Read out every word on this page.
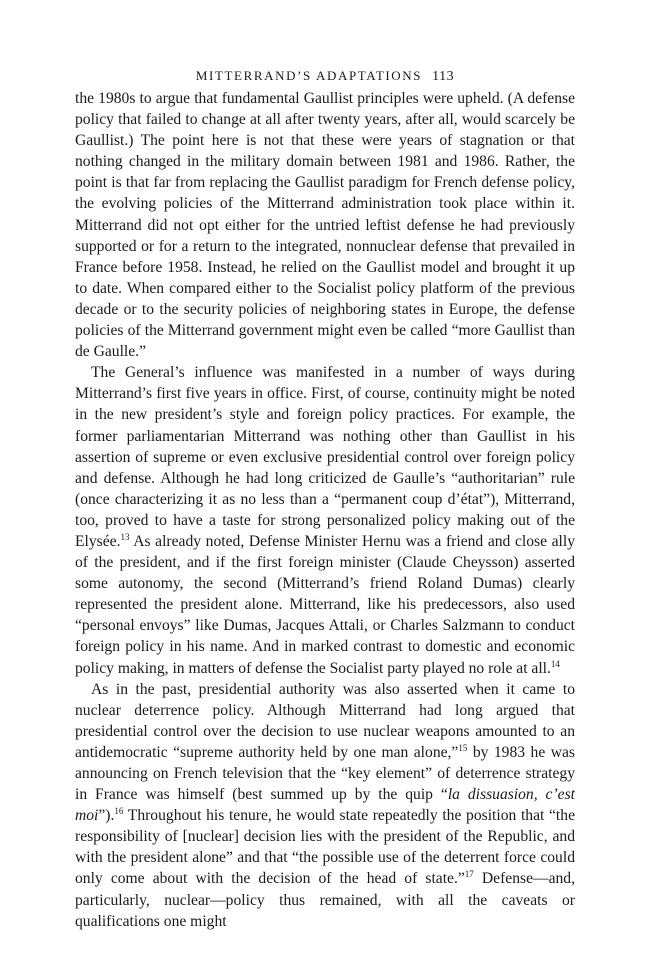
MITTERRAND’S ADAPTATIONS 113

the 1980s to argue that fundamental Gaullist principles were upheld. (A defense policy that failed to change at all after twenty years, after all, would scarcely be Gaullist.) The point here is not that these were years of stagnation or that nothing changed in the military domain between 1981 and 1986. Rather, the point is that far from replacing the Gaullist paradigm for French defense policy, the evolving policies of the Mitterrand administration took place within it. Mitterrand did not opt either for the untried leftist defense he had previously supported or for a return to the integrated, nonnuclear defense that prevailed in France before 1958. Instead, he relied on the Gaullist model and brought it up to date. When compared either to the Socialist policy platform of the previous decade or to the security policies of neighboring states in Europe, the defense policies of the Mitterrand government might even be called “more Gaullist than de Gaulle.”

The General’s influence was manifested in a number of ways during Mitterrand’s first five years in office. First, of course, continuity might be noted in the new president’s style and foreign policy practices. For example, the former parliamentarian Mitterrand was nothing other than Gaullist in his assertion of supreme or even exclusive presidential control over foreign policy and defense. Although he had long criticized de Gaulle’s “authoritarian” rule (once characterizing it as no less than a “permanent coup d’état”), Mitterrand, too, proved to have a taste for strong personalized policy making out of the Elysée.$^{13}$ As already noted, Defense Minister Hernu was a friend and close ally of the president, and if the first foreign minister (Claude Cheysson) asserted some autonomy, the second (Mitterrand’s friend Roland Dumas) clearly represented the president alone. Mitterrand, like his predecessors, also used “personal envoys” like Dumas, Jacques Attali, or Charles Salzmann to conduct foreign policy in his name. And in marked contrast to domestic and economic policy making, in matters of defense the Socialist party played no role at all.$^{14}$

As in the past, presidential authority was also asserted when it came to nuclear deterrence policy. Although Mitterrand had long argued that presidential control over the decision to use nuclear weapons amounted to an antidemocratic “supreme authority held by one man alone,”$^{15}$ by 1983 he was announcing on French television that the “key element” of deterrence strategy in France was himself (best summed up by the quip “la dissuasion, c’est moi”).$^{16}$ Throughout his tenure, he would state repeatedly the position that “the responsibility of [nuclear] decision lies with the president of the Republic, and with the president alone” and that “the possible use of the deterrent force could only come about with the decision of the head of state.”$^{17}$ Defense—and, particularly, nuclear—policy thus remained, with all the caveats or qualifications one might
